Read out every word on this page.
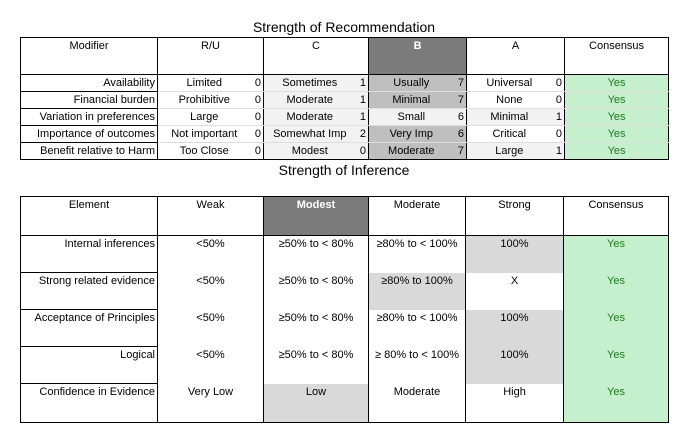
Strength of Recommendation
Modifier	R/U		C		B		A		Consensus
Availability	Limited	0	Sometimes	1	Usually	7	Universal	0	Yes
Financial burden	Prohibitive	0	Moderate	1	Minimal	7	None	0	Yes
Variation in preferences	Large	0	Moderate	1	Small	6	Minimal	1	Yes
Importance of outcomes	Not important	0	Somewhat Imp	2	Very Imp	6	Critical	0	Yes
Benefit relative to Harm	Too Close	0	Modest	0	Moderate	7	Large	1	Yes
Strength of Inference
Element	Weak	Modest	Moderate	Strong	Consensus
Internal inferences	<50%	≥50% to < 80%	≥80% to < 100%	100%	Yes
Strong related evidence	<50%	≥50% to < 80%	≥80% to 100%	X	Yes
Acceptance of Principles	<50%	≥50% to < 80%	≥80% to < 100%	100%	Yes
Logical	<50%	≥50% to < 80%	≥ 80% to < 100%	100%	Yes
Confidence in Evidence	Very Low	Low	Moderate	High	Yes
